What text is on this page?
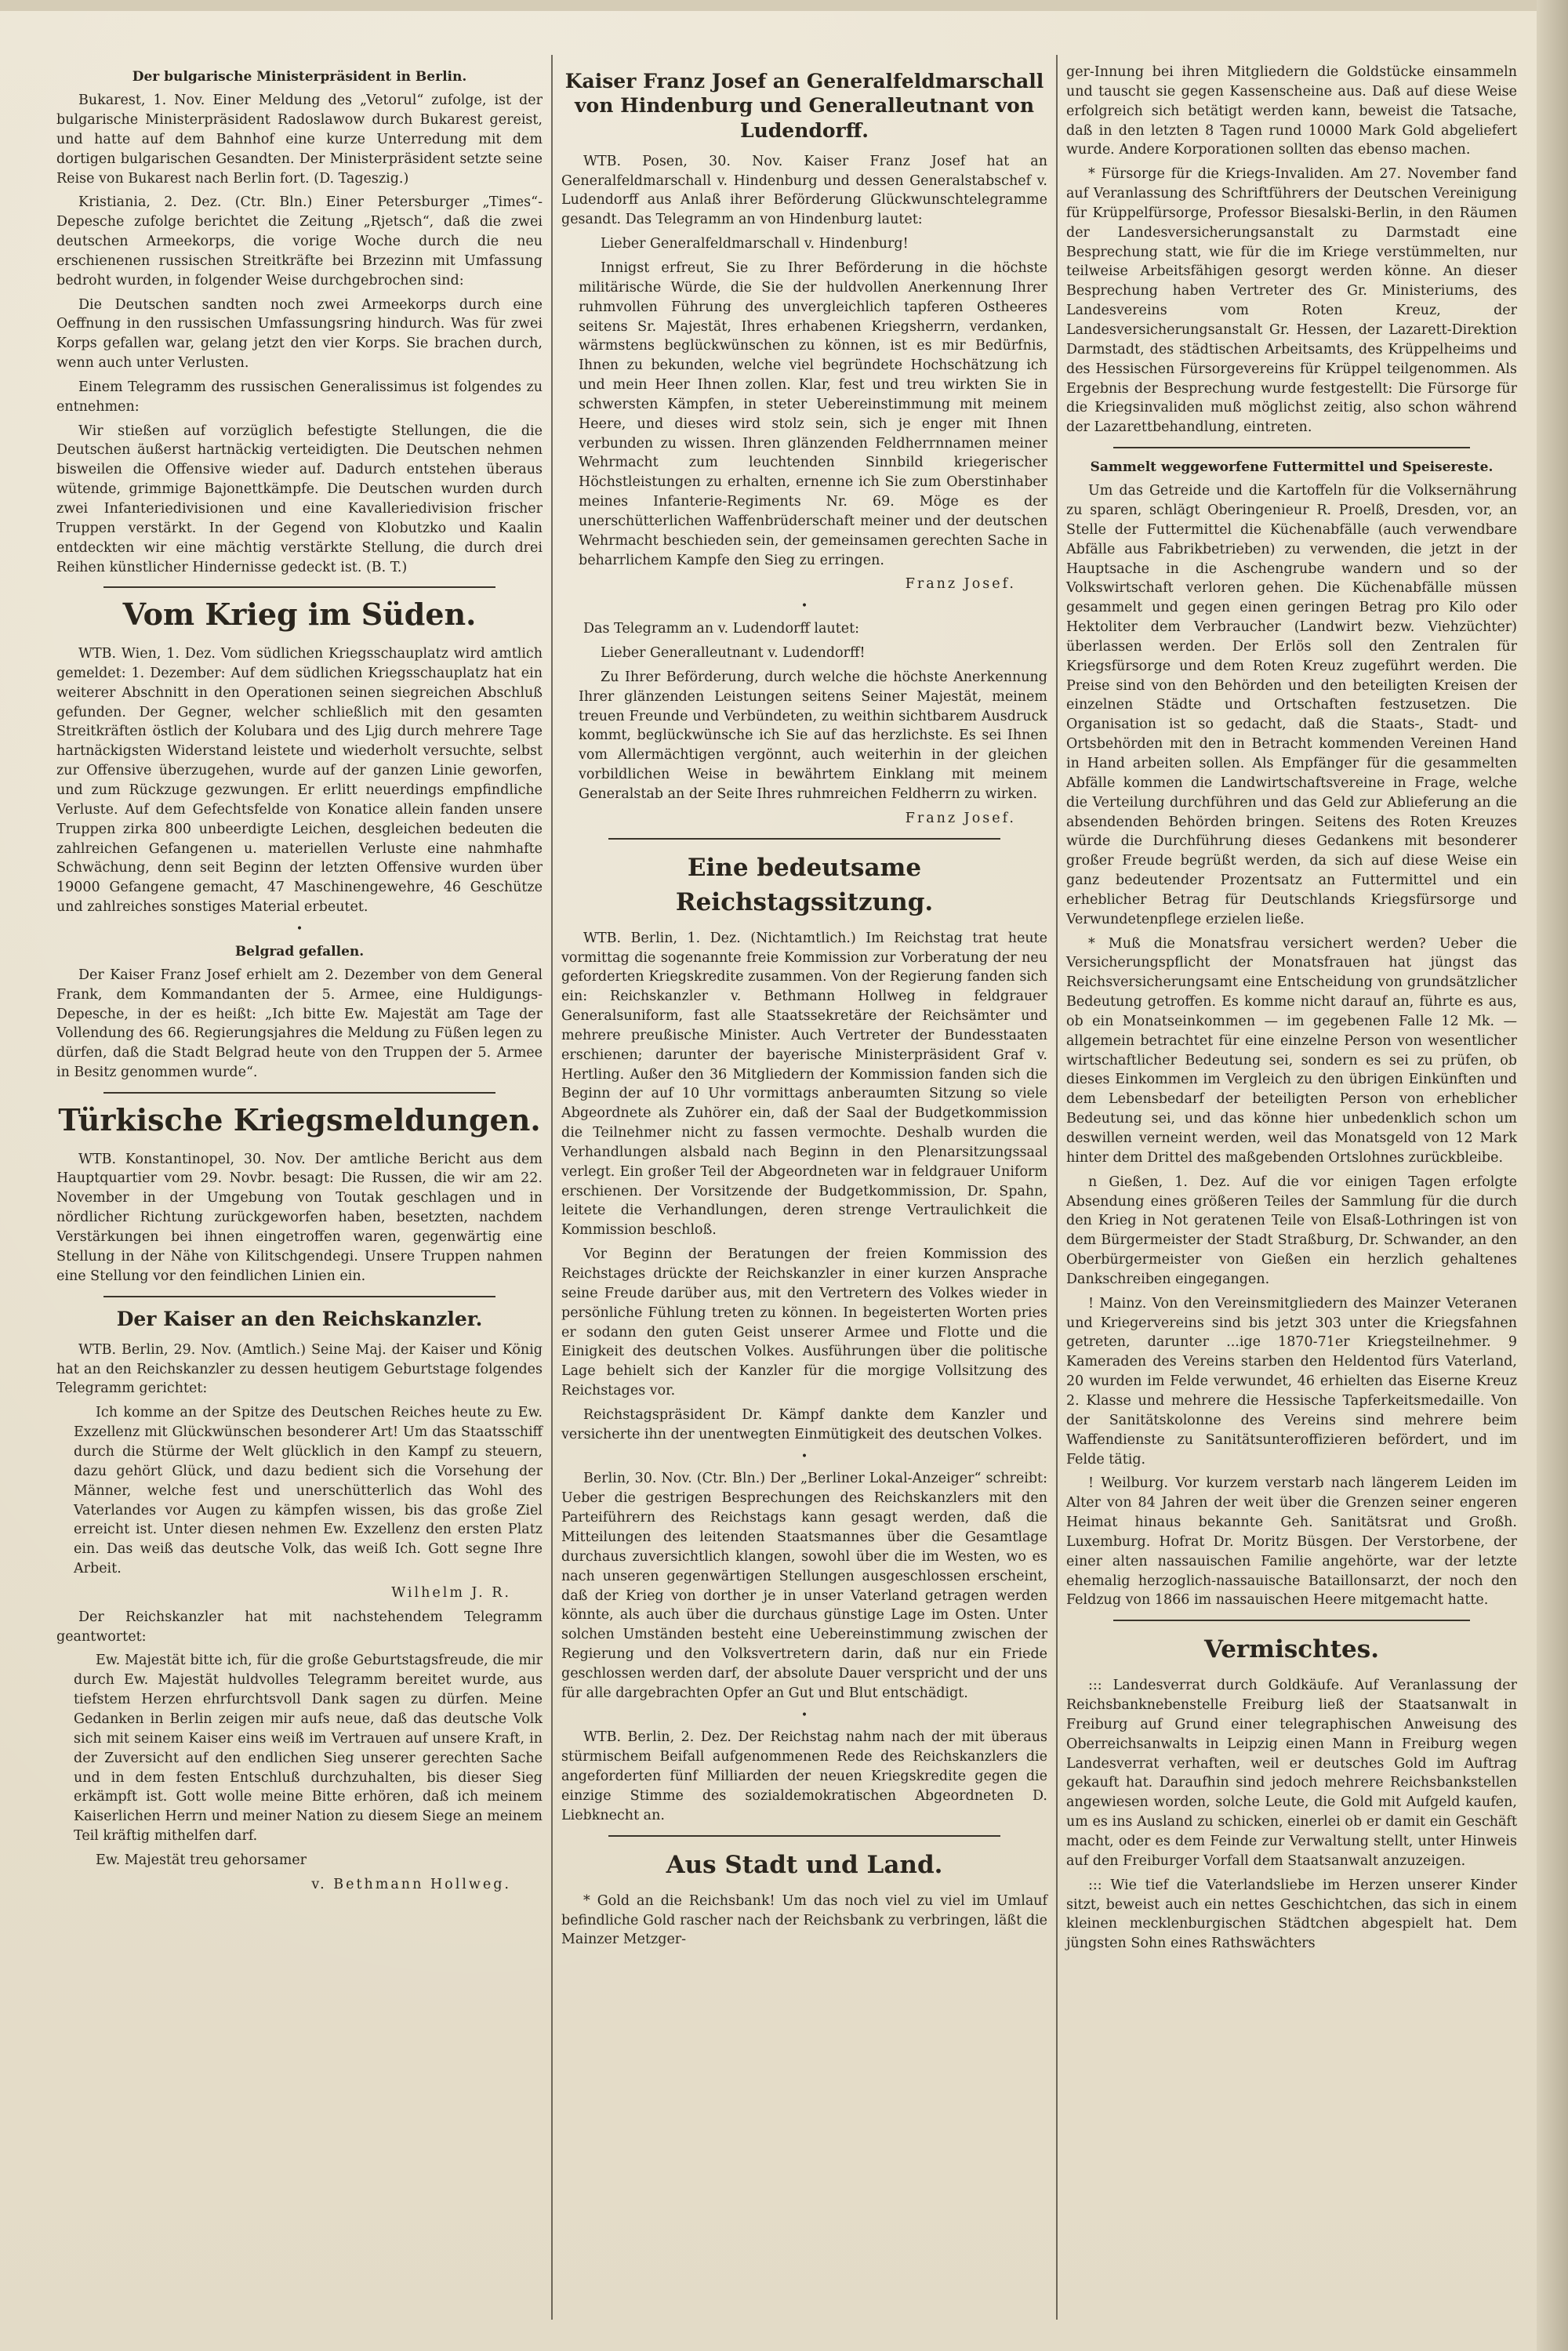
Der bulgarische Ministerpräsident in Berlin.

Bukarest, 1. Nov. Einer Meldung des „Vetorul“ zufolge, ist der bulgarische Ministerpräsident Radoslawow durch Bukarest gereist, und hatte auf dem Bahnhof eine kurze Unterredung mit dem dortigen bulgarischen Gesandten. Der Ministerpräsident setzte seine Reise von Bukarest nach Berlin fort. (D. Tageszig.)

Kristiania, 2. Dez. (Ctr. Bln.) Einer Petersburger „Times“-Depesche zufolge berichtet die Zeitung „Rjetsch“, daß die zwei deutschen Armeekorps, die vorige Woche durch die neu erschienenen russischen Streitkräfte bei Brzezinn mit Umfassung bedroht wurden, in folgender Weise durchgebrochen sind:

Die Deutschen sandten noch zwei Armeekorps durch eine Oeffnung in den russischen Umfassungsring hindurch. Was für zwei Korps gefallen war, gelang jetzt den vier Korps. Sie brachen durch, wenn auch unter Verlusten.

Einem Telegramm des russischen Generalissimus ist folgendes zu entnehmen:

Wir stießen auf vorzüglich befestigte Stellungen, die die Deutschen äußerst hartnäckig verteidigten. Die Deutschen nehmen bisweilen die Offensive wieder auf. Dadurch entstehen überaus wütende, grimmige Bajonettkämpfe. Die Deutschen wurden durch zwei Infanteriedivisionen und eine Kavalleriedivision frischer Truppen verstärkt. In der Gegend von Klobutzko und Kaalin entdeckten wir eine mächtig verstärkte Stellung, die durch drei Reihen künstlicher Hindernisse gedeckt ist. (B. T.)

Vom Krieg im Süden.

WTB. Wien, 1. Dez. Vom südlichen Kriegsschauplatz wird amtlich gemeldet: 1. Dezember: Auf dem südlichen Kriegsschauplatz hat ein weiterer Abschnitt in den Operationen seinen siegreichen Abschluß gefunden. Der Gegner, welcher schließlich mit den gesamten Streitkräften östlich der Kolubara und des Ljig durch mehrere Tage hartnäckigsten Widerstand leistete und wiederholt versuchte, selbst zur Offensive überzugehen, wurde auf der ganzen Linie geworfen, und zum Rückzuge gezwungen. Er erlitt neuerdings empfindliche Verluste. Auf dem Gefechtsfelde von Konatice allein fanden unsere Truppen zirka 800 unbeerdigte Leichen, desgleichen bedeuten die zahlreichen Gefangenen u. materiellen Verluste eine nahmhafte Schwächung, denn seit Beginn der letzten Offensive wurden über 19000 Gefangene gemacht, 47 Maschinengewehre, 46 Geschütze und zahlreiches sonstiges Material erbeutet.

•
Belgrad gefallen.

Der Kaiser Franz Josef erhielt am 2. Dezember von dem General Frank, dem Kommandanten der 5. Armee, eine Huldigungs-Depesche, in der es heißt: „Ich bitte Ew. Majestät am Tage der Vollendung des 66. Regierungsjahres die Meldung zu Füßen legen zu dürfen, daß die Stadt Belgrad heute von den Truppen der 5. Armee in Besitz genommen wurde“.

Türkische Kriegsmeldungen.

WTB. Konstantinopel, 30. Nov. Der amtliche Bericht aus dem Hauptquartier vom 29. Novbr. besagt: Die Russen, die wir am 22. November in der Umgebung von Toutak geschlagen und in nördlicher Richtung zurückgeworfen haben, besetzten, nachdem Verstärkungen bei ihnen eingetroffen waren, gegenwärtig eine Stellung in der Nähe von Kilitschgendegi. Unsere Truppen nahmen eine Stellung vor den feindlichen Linien ein.

Der Kaiser an den Reichskanzler.

WTB. Berlin, 29. Nov. (Amtlich.) Seine Maj. der Kaiser und König hat an den Reichskanzler zu dessen heutigem Geburtstage folgendes Telegramm gerichtet:

Ich komme an der Spitze des Deutschen Reiches heute zu Ew. Exzellenz mit Glückwünschen besonderer Art! Um das Staatsschiff durch die Stürme der Welt glücklich in den Kampf zu steuern, dazu gehört Glück, und dazu bedient sich die Vorsehung der Männer, welche fest und unerschütterlich das Wohl des Vaterlandes vor Augen zu kämpfen wissen, bis das große Ziel erreicht ist. Unter diesen nehmen Ew. Exzellenz den ersten Platz ein. Das weiß das deutsche Volk, das weiß Ich. Gott segne Ihre Arbeit.

Wilhelm J. R.

Der Reichskanzler hat mit nachstehendem Telegramm geantwortet:

Ew. Majestät bitte ich, für die große Geburtstagsfreude, die mir durch Ew. Majestät huldvolles Telegramm bereitet wurde, aus tiefstem Herzen ehrfurchtsvoll Dank sagen zu dürfen. Meine Gedanken in Berlin zeigen mir aufs neue, daß das deutsche Volk sich mit seinem Kaiser eins weiß im Vertrauen auf unsere Kraft, in der Zuversicht auf den endlichen Sieg unserer gerechten Sache und in dem festen Entschluß durchzuhalten, bis dieser Sieg erkämpft ist. Gott wolle meine Bitte erhören, daß ich meinem Kaiserlichen Herrn und meiner Nation zu diesem Siege an meinem Teil kräftig mithelfen darf.

Ew. Majestät treu gehorsamer

v. Bethmann Hollweg.
Kaiser Franz Josef an Generalfeldmarschall von Hindenburg und Generalleutnant von Ludendorff.

WTB. Posen, 30. Nov. Kaiser Franz Josef hat an Generalfeldmarschall v. Hindenburg und dessen Generalstabschef v. Ludendorff aus Anlaß ihrer Beförderung Glückwunschtelegramme gesandt. Das Telegramm an von Hindenburg lautet:

Lieber Generalfeldmarschall v. Hindenburg!

Innigst erfreut, Sie zu Ihrer Beförderung in die höchste militärische Würde, die Sie der huldvollen Anerkennung Ihrer ruhmvollen Führung des unvergleichlich tapferen Ostheeres seitens Sr. Majestät, Ihres erhabenen Kriegsherrn, verdanken, wärmstens beglückwünschen zu können, ist es mir Bedürfnis, Ihnen zu bekunden, welche viel begründete Hochschätzung ich und mein Heer Ihnen zollen. Klar, fest und treu wirkten Sie in schwersten Kämpfen, in steter Uebereinstimmung mit meinem Heere, und dieses wird stolz sein, sich je enger mit Ihnen verbunden zu wissen. Ihren glänzenden Feldherrnnamen meiner Wehrmacht zum leuchtenden Sinnbild kriegerischer Höchstleistungen zu erhalten, ernenne ich Sie zum Oberstinhaber meines Infanterie-Regiments Nr. 69. Möge es der unerschütterlichen Waffenbrüderschaft meiner und der deutschen Wehrmacht beschieden sein, der gemeinsamen gerechten Sache in beharrlichem Kampfe den Sieg zu erringen.

Franz Josef.
•

Das Telegramm an v. Ludendorff lautet:

Lieber Generalleutnant v. Ludendorff!

Zu Ihrer Beförderung, durch welche die höchste Anerkennung Ihrer glänzenden Leistungen seitens Seiner Majestät, meinem treuen Freunde und Verbündeten, zu weithin sichtbarem Ausdruck kommt, beglückwünsche ich Sie auf das herzlichste. Es sei Ihnen vom Allermächtigen vergönnt, auch weiterhin in der gleichen vorbildlichen Weise in bewährtem Einklang mit meinem Generalstab an der Seite Ihres ruhmreichen Feldherrn zu wirken.

Franz Josef.
Eine bedeutsame Reichstagssitzung.

WTB. Berlin, 1. Dez. (Nichtamtlich.) Im Reichstag trat heute vormittag die sogenannte freie Kommission zur Vorberatung der neu geforderten Kriegskredite zusammen. Von der Regierung fanden sich ein: Reichskanzler v. Bethmann Hollweg in feldgrauer Generalsuniform, fast alle Staatssekretäre der Reichsämter und mehrere preußische Minister. Auch Vertreter der Bundesstaaten erschienen; darunter der bayerische Ministerpräsident Graf v. Hertling. Außer den 36 Mitgliedern der Kommission fanden sich die Beginn der auf 10 Uhr vormittags anberaumten Sitzung so viele Abgeordnete als Zuhörer ein, daß der Saal der Budgetkommission die Teilnehmer nicht zu fassen vermochte. Deshalb wurden die Verhandlungen alsbald nach Beginn in den Plenarsitzungssaal verlegt. Ein großer Teil der Abgeordneten war in feldgrauer Uniform erschienen. Der Vorsitzende der Budgetkommission, Dr. Spahn, leitete die Verhandlungen, deren strenge Vertraulichkeit die Kommission beschloß.

Vor Beginn der Beratungen der freien Kommission des Reichstages drückte der Reichskanzler in einer kurzen Ansprache seine Freude darüber aus, mit den Vertretern des Volkes wieder in persönliche Fühlung treten zu können. In begeisterten Worten pries er sodann den guten Geist unserer Armee und Flotte und die Einigkeit des deutschen Volkes. Ausführungen über die politische Lage behielt sich der Kanzler für die morgige Vollsitzung des Reichstages vor.

Reichstagspräsident Dr. Kämpf dankte dem Kanzler und versicherte ihn der unentwegten Einmütigkeit des deutschen Volkes.

•

Berlin, 30. Nov. (Ctr. Bln.) Der „Berliner Lokal-Anzeiger“ schreibt: Ueber die gestrigen Besprechungen des Reichskanzlers mit den Parteiführern des Reichstags kann gesagt werden, daß die Mitteilungen des leitenden Staatsmannes über die Gesamtlage durchaus zuversichtlich klangen, sowohl über die im Westen, wo es nach unseren gegenwärtigen Stellungen ausgeschlossen erscheint, daß der Krieg von dorther je in unser Vaterland getragen werden könnte, als auch über die durchaus günstige Lage im Osten. Unter solchen Umständen besteht eine Uebereinstimmung zwischen der Regierung und den Volksvertretern darin, daß nur ein Friede geschlossen werden darf, der absolute Dauer verspricht und der uns für alle dargebrachten Opfer an Gut und Blut entschädigt.

•

WTB. Berlin, 2. Dez. Der Reichstag nahm nach der mit überaus stürmischem Beifall aufgenommenen Rede des Reichskanzlers die angeforderten fünf Milliarden der neuen Kriegskredite gegen die einzige Stimme des sozialdemokratischen Abgeordneten D. Liebknecht an.

Aus Stadt und Land.

* Gold an die Reichsbank! Um das noch viel zu viel im Umlauf befindliche Gold rascher nach der Reichsbank zu verbringen, läßt die Mainzer Metzger-

ger-Innung bei ihren Mitgliedern die Goldstücke einsammeln und tauscht sie gegen Kassenscheine aus. Daß auf diese Weise erfolgreich sich betätigt werden kann, beweist die Tatsache, daß in den letzten 8 Tagen rund 10000 Mark Gold abgeliefert wurde. Andere Korporationen sollten das ebenso machen.

* Fürsorge für die Kriegs-Invaliden. Am 27. November fand auf Veranlassung des Schriftführers der Deutschen Vereinigung für Krüppelfürsorge, Professor Biesalski-Berlin, in den Räumen der Landesversicherungsanstalt zu Darmstadt eine Besprechung statt, wie für die im Kriege verstümmelten, nur teilweise Arbeitsfähigen gesorgt werden könne. An dieser Besprechung haben Vertreter des Gr. Ministeriums, des Landesvereins vom Roten Kreuz, der Landesversicherungsanstalt Gr. Hessen, der Lazarett-Direktion Darmstadt, des städtischen Arbeitsamts, des Krüppelheims und des Hessischen Fürsorgevereins für Krüppel teilgenommen. Als Ergebnis der Besprechung wurde festgestellt: Die Fürsorge für die Kriegsinvaliden muß möglichst zeitig, also schon während der Lazarettbehandlung, eintreten.

Sammelt weggeworfene Futtermittel und Speisereste.

Um das Getreide und die Kartoffeln für die Volksernährung zu sparen, schlägt Oberingenieur R. Proelß, Dresden, vor, an Stelle der Futtermittel die Küchenabfälle (auch verwendbare Abfälle aus Fabrikbetrieben) zu verwenden, die jetzt in der Hauptsache in die Aschengrube wandern und so der Volkswirtschaft verloren gehen. Die Küchenabfälle müssen gesammelt und gegen einen geringen Betrag pro Kilo oder Hektoliter dem Verbraucher (Landwirt bezw. Viehzüchter) überlassen werden. Der Erlös soll den Zentralen für Kriegsfürsorge und dem Roten Kreuz zugeführt werden. Die Preise sind von den Behörden und den beteiligten Kreisen der einzelnen Städte und Ortschaften festzusetzen. Die Organisation ist so gedacht, daß die Staats-, Stadt- und Ortsbehörden mit den in Betracht kommenden Vereinen Hand in Hand arbeiten sollen. Als Empfänger für die gesammelten Abfälle kommen die Landwirtschaftsvereine in Frage, welche die Verteilung durchführen und das Geld zur Ablieferung an die absendenden Behörden bringen. Seitens des Roten Kreuzes würde die Durchführung dieses Gedankens mit besonderer großer Freude begrüßt werden, da sich auf diese Weise ein ganz bedeutender Prozentsatz an Futtermittel und ein erheblicher Betrag für Deutschlands Kriegsfürsorge und Verwundetenpflege erzielen ließe.

* Muß die Monatsfrau versichert werden? Ueber die Versicherungspflicht der Monatsfrauen hat jüngst das Reichsversicherungsamt eine Entscheidung von grundsätzlicher Bedeutung getroffen. Es komme nicht darauf an, führte es aus, ob ein Monatseinkommen — im gegebenen Falle 12 Mk. — allgemein betrachtet für eine einzelne Person von wesentlicher wirtschaftlicher Bedeutung sei, sondern es sei zu prüfen, ob dieses Einkommen im Vergleich zu den übrigen Einkünften und dem Lebensbedarf der beteiligten Person von erheblicher Bedeutung sei, und das könne hier unbedenklich schon um deswillen verneint werden, weil das Monatsgeld von 12 Mark hinter dem Drittel des maßgebenden Ortslohnes zurückbleibe.

n Gießen, 1. Dez. Auf die vor einigen Tagen erfolgte Absendung eines größeren Teiles der Sammlung für die durch den Krieg in Not geratenen Teile von Elsaß-Lothringen ist von dem Bürgermeister der Stadt Straßburg, Dr. Schwander, an den Oberbürgermeister von Gießen ein herzlich gehaltenes Dankschreiben eingegangen.

! Mainz. Von den Vereinsmitgliedern des Mainzer Veteranen und Kriegervereins sind bis jetzt 303 unter die Kriegsfahnen getreten, darunter ...ige 1870-71er Kriegsteilnehmer. 9 Kameraden des Vereins starben den Heldentod fürs Vaterland, 20 wurden im Felde verwundet, 46 erhielten das Eiserne Kreuz 2. Klasse und mehrere die Hessische Tapferkeitsmedaille. Von der Sanitätskolonne des Vereins sind mehrere beim Waffendienste zu Sanitätsunteroffizieren befördert, und im Felde tätig.

! Weilburg. Vor kurzem verstarb nach längerem Leiden im Alter von 84 Jahren der weit über die Grenzen seiner engeren Heimat hinaus bekannte Geh. Sanitätsrat und Großh. Luxemburg. Hofrat Dr. Moritz Büsgen. Der Verstorbene, der einer alten nassauischen Familie angehörte, war der letzte ehemalig herzoglich-nassauische Bataillonsarzt, der noch den Feldzug von 1866 im nassauischen Heere mitgemacht hatte.

Vermischtes.

::: Landesverrat durch Goldkäufe. Auf Veranlassung der Reichsbanknebenstelle Freiburg ließ der Staatsanwalt in Freiburg auf Grund einer telegraphischen Anweisung des Oberreichsanwalts in Leipzig einen Mann in Freiburg wegen Landesverrat verhaften, weil er deutsches Gold im Auftrag gekauft hat. Daraufhin sind jedoch mehrere Reichsbankstellen angewiesen worden, solche Leute, die Gold mit Aufgeld kaufen, um es ins Ausland zu schicken, einerlei ob er damit ein Geschäft macht, oder es dem Feinde zur Verwaltung stellt, unter Hinweis auf den Freiburger Vorfall dem Staatsanwalt anzuzeigen.

::: Wie tief die Vaterlandsliebe im Herzen unserer Kinder sitzt, beweist auch ein nettes Geschichtchen, das sich in einem kleinen mecklenburgischen Städtchen abgespielt hat. Dem jüngsten Sohn eines Rathswächters
